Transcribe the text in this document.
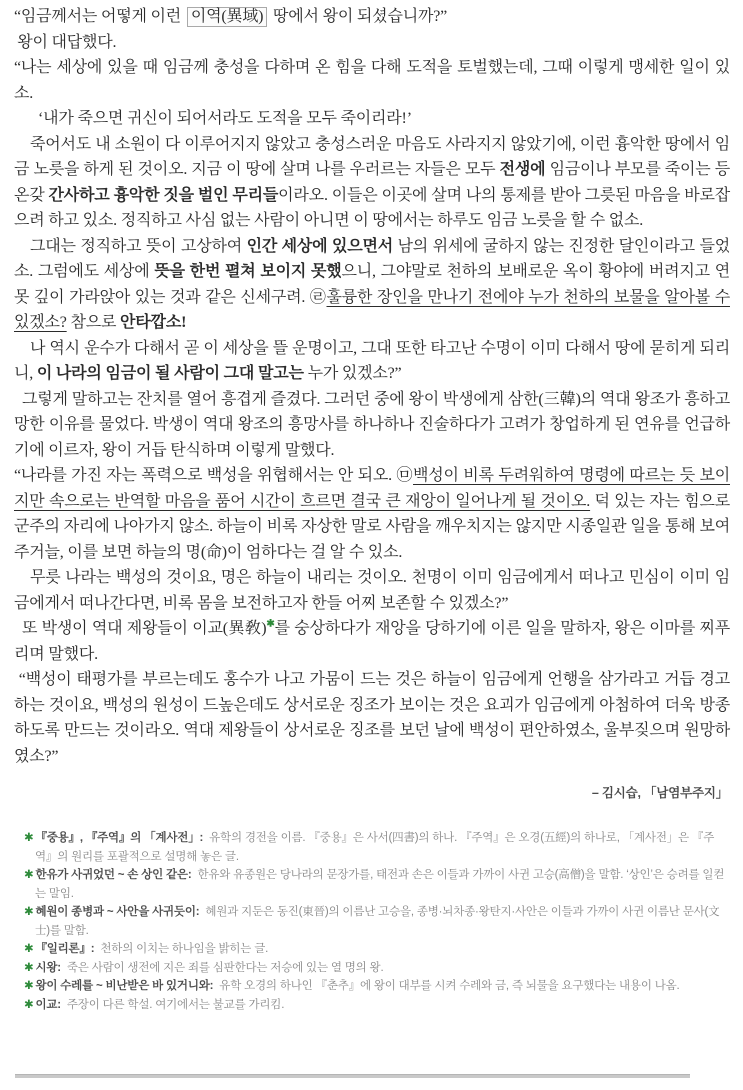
“임금께서는 어떻게 이런 이역(異域) 땅에서 왕이 되셨습니까?”

왕이 대답했다.

“나는 세상에 있을 때 임금께 충성을 다하며 온 힘을 다해 도적을 토벌했는데, 그때 이렇게 맹세한 일이 있소.

‘내가 죽으면 귀신이 되어서라도 도적을 모두 죽이리라!’

죽어서도 내 소원이 다 이루어지지 않았고 충성스러운 마음도 사라지지 않았기에, 이런 흉악한 땅에서 임금 노릇을 하게 된 것이오. 지금 이 땅에 살며 나를 우러르는 자들은 모두 전생에 임금이나 부모를 죽이는 등 온갖 간사하고 흉악한 짓을 벌인 무리들이라오. 이들은 이곳에 살며 나의 통제를 받아 그릇된 마음을 바로잡으려 하고 있소. 정직하고 사심 없는 사람이 아니면 이 땅에서는 하루도 임금 노릇을 할 수 없소.

그대는 정직하고 뜻이 고상하여 인간 세상에 있으면서 남의 위세에 굴하지 않는 진정한 달인이라고 들었소. 그럼에도 세상에 뜻을 한번 펼쳐 보이지 못했으니, 그야말로 천하의 보배로운 옥이 황야에 버려지고 연못 깊이 가라앉아 있는 것과 같은 신세구려. ㉣훌륭한 장인을 만나기 전에야 누가 천하의 보물을 알아볼 수 있겠소? 참으로 안타깝소!

나 역시 운수가 다해서 곧 이 세상을 뜰 운명이고, 그대 또한 타고난 수명이 이미 다해서 땅에 묻히게 되리니, 이 나라의 임금이 될 사람이 그대 말고는 누가 있겠소?”

그렇게 말하고는 잔치를 열어 흥겹게 즐겼다. 그러던 중에 왕이 박생에게 삼한(三韓)의 역대 왕조가 흥하고 망한 이유를 물었다. 박생이 역대 왕조의 흥망사를 하나하나 진술하다가 고려가 창업하게 된 연유를 언급하기에 이르자, 왕이 거듭 탄식하며 이렇게 말했다.

“나라를 가진 자는 폭력으로 백성을 위협해서는 안 되오. ㉤백성이 비록 두려워하여 명령에 따르는 듯 보이지만 속으로는 반역할 마음을 품어 시간이 흐르면 결국 큰 재앙이 일어나게 될 것이오. 덕 있는 자는 힘으로 군주의 자리에 나아가지 않소. 하늘이 비록 자상한 말로 사람을 깨우치지는 않지만 시종일관 일을 통해 보여 주거늘, 이를 보면 하늘의 명(命)이 엄하다는 걸 알 수 있소.

무릇 나라는 백성의 것이요, 명은 하늘이 내리는 것이오. 천명이 이미 임금에게서 떠나고 민심이 이미 임금에게서 떠나간다면, 비록 몸을 보전하고자 한들 어찌 보존할 수 있겠소?”

또 박생이 역대 제왕들이 이교(異敎)✱를 숭상하다가 재앙을 당하기에 이른 일을 말하자, 왕은 이마를 찌푸리며 말했다.

“백성이 태평가를 부르는데도 홍수가 나고 가뭄이 드는 것은 하늘이 임금에게 언행을 삼가라고 거듭 경고하는 것이요, 백성의 원성이 드높은데도 상서로운 징조가 보이는 것은 요괴가 임금에게 아첨하여 더욱 방종하도록 만드는 것이라오. 역대 제왕들이 상서로운 징조를 보던 날에 백성이 편안하였소, 울부짖으며 원망하였소?”

– 김시습, 「남염부주지」

✱ 『중용』, 『주역』의 「계사전」: 유학의 경전을 이름. 『중용』은 사서(四書)의 하나. 『주역』은 오경(五經)의 하나로, 「계사전」은 『주역』의 원리를 포괄적으로 설명해 놓은 글.

✱ 한유가 사귀었던 ~ 손 상인 같은: 한유와 유종원은 당나라의 문장가를, 태전과 손은 이들과 가까이 사귄 고승(高僧)을 말함. ‘상인’은 승려를 일컫는 말임.

✱ 혜원이 종병과 ~ 사안을 사귀듯이: 혜원과 지둔은 동진(東晉)의 이름난 고승을, 종병·뇌차종·왕탄지·사안은 이들과 가까이 사귄 이름난 문사(文士)를 말함.

✱ 『일리론』: 천하의 이치는 하나임을 밝히는 글.

✱ 시왕: 죽은 사람이 생전에 지은 죄를 심판한다는 저승에 있는 열 명의 왕.

✱ 왕이 수레를 ~ 비난받은 바 있거니와: 유학 오경의 하나인 『춘추』에 왕이 대부를 시켜 수레와 금, 즉 뇌물을 요구했다는 내용이 나옴.

✱ 이교: 주장이 다른 학설. 여기에서는 불교를 가리킴.
